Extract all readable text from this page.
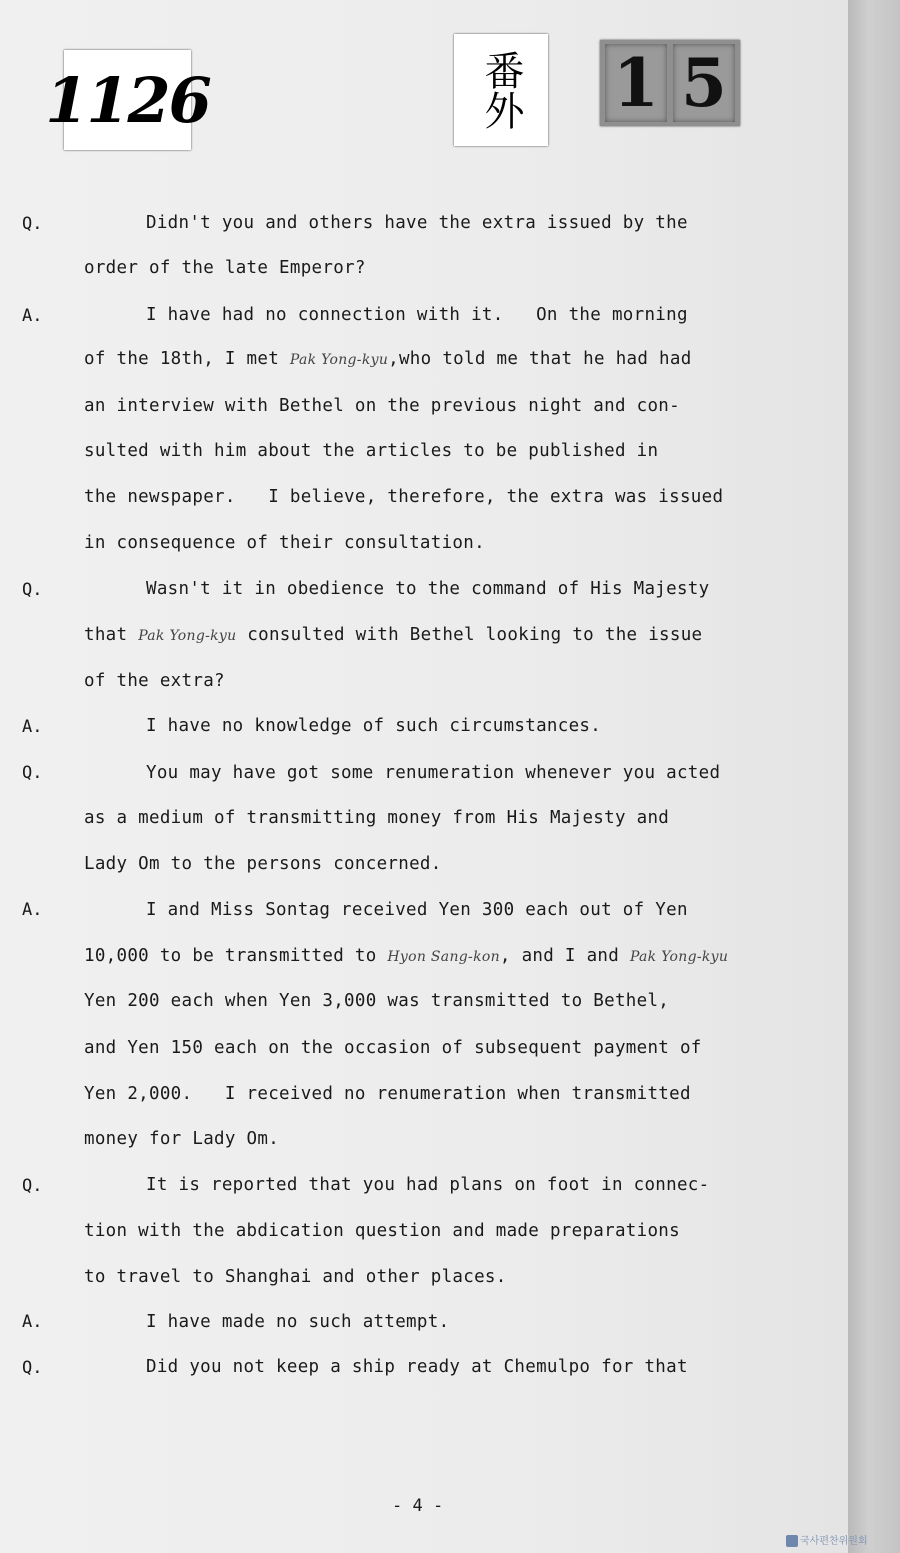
1126	番外 1 5
Q.
A.
Q.
A.
Q.
A.
Q.
A.
Q.
Didn't you and others have the extra issued by the
order of the late Emperor?
I have had no connection with it.   On the morning
of the 18th, I met Pak Yong-kyu,who told me that he had had
an interview with Bethel on the previous night and con-
sulted with him about the articles to be published in
the newspaper.   I believe, therefore, the extra was issued
in consequence of their consultation.
Wasn't it in obedience to the command of His Majesty
that Pak Yong-kyu consulted with Bethel looking to the issue
of the extra?
I have no knowledge of such circumstances.
You may have got some renumeration whenever you acted
as a medium of transmitting money from His Majesty and
Lady Om to the persons concerned.
I and Miss Sontag received Yen 300 each out of Yen
10,000 to be transmitted to Hyon Sang-kon, and I and Pak Yong-kyu
Yen 200 each when Yen 3,000 was transmitted to Bethel,
and Yen 150 each on the occasion of subsequent payment of
Yen 2,000.   I received no renumeration when transmitted
money for Lady Om.
It is reported that you had plans on foot in connec-
tion with the abdication question and made preparations
to travel to Shanghai and other places.
I have made no such attempt.
Did you not keep a ship ready at Chemulpo for that
- 4 -
국사편찬위원회
